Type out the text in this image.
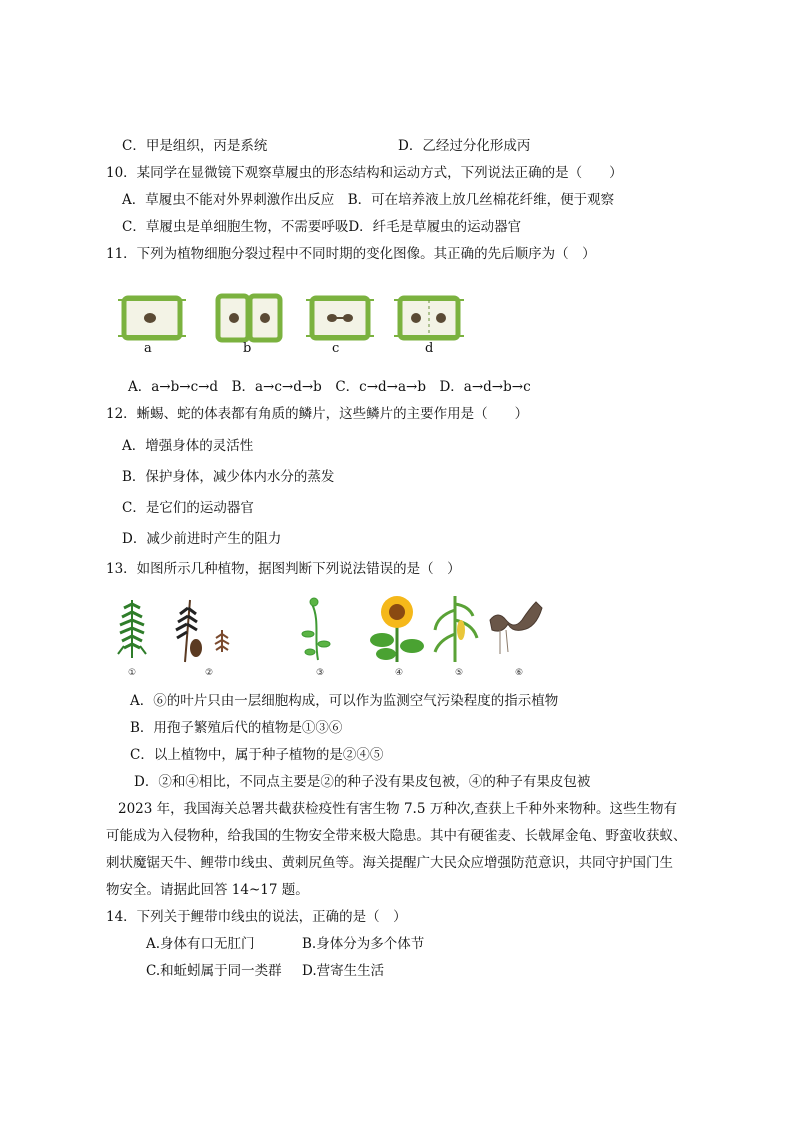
C．甲是组织，丙是系统	D．乙经过分化形成丙
10．某同学在显微镜下观察草履虫的形态结构和运动方式，下列说法正确的是（　　）
A．草履虫不能对外界刺激作出反应　B．可在培养液上放几丝棉花纤维，便于观察
C．草履虫是单细胞生物，不需要呼吸D．纤毛是草履虫的运动器官
11．下列为植物细胞分裂过程中不同时期的变化图像。其正确的先后顺序为（　）
a	b	c	d
A．a→b→c→d　B．a→c→d→b　C．c→d→a→b　D．a→d→b→c
12．蜥蜴、蛇的体表都有角质的鳞片，这些鳞片的主要作用是（　　）
A．增强身体的灵活性
B．保护身体，减少体内水分的蒸发
C．是它们的运动器官
D．减少前进时产生的阻力
13．如图所示几种植物，据图判断下列说法错误的是（　）
①	②	③	④	⑤	⑥
A．⑥的叶片只由一层细胞构成，可以作为监测空气污染程度的指示植物
B．用孢子繁殖后代的植物是①③⑥
C．以上植物中，属于种子植物的是②④⑤
D．②和④相比，不同点主要是②的种子没有果皮包被，④的种子有果皮包被
2023 年，我国海关总署共截获检疫性有害生物 7.5 万种次,查获上千种外来物种。这些生物有
可能成为入侵物种，给我国的生物安全带来极大隐患。其中有硬雀麦、长戟犀金龟、野蛮收获蚁、
刺状魔锯天牛、鲤带巾线虫、黄刺尻鱼等。海关提醒广大民众应增强防范意识，共同守护国门生
物安全。请据此回答 14~17 题。
14．下列关于鲤带巾线虫的说法，正确的是（　）
A.身体有口无肛门	B.身体分为多个体节
C.和蚯蚓属于同一类群 D.营寄生生活
